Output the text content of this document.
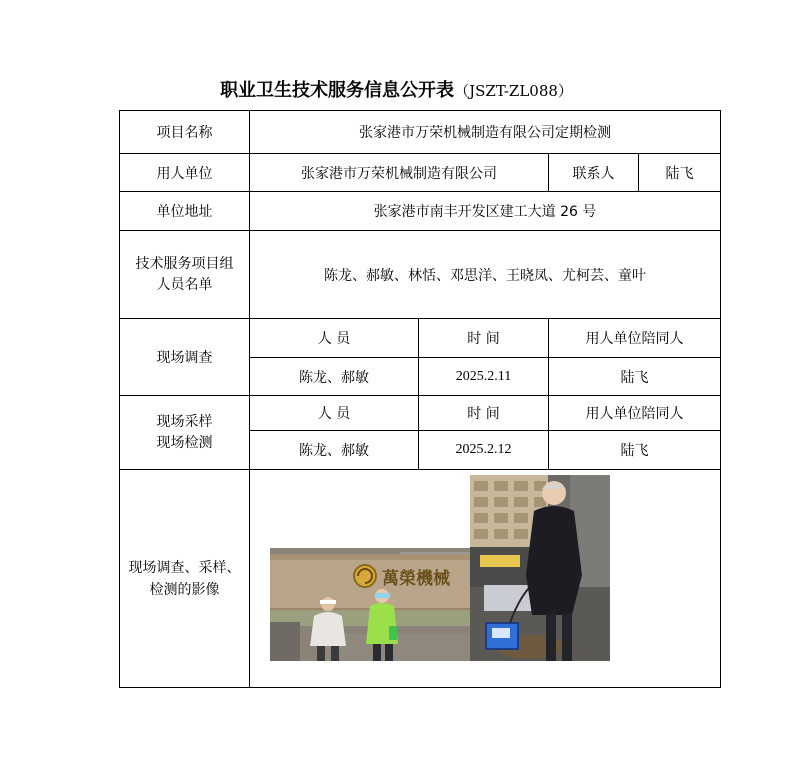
职业卫生技术服务信息公开表（JSZT-ZL088）
项目名称	张家港市万荣机械制造有限公司定期检测			
用人单位	张家港市万荣机械制造有限公司		联系人	陆飞
单位地址	张家港市南丰开发区建工大道 26 号			
技术服务项目组人员名单	陈龙、郝敏、林恬、邓思洋、王晓凤、尤柯芸、童叶			
现场调查	人 员	时 间	用人单位陪同人	
	陈龙、郝敏	2025.2.11	陆飞	

现场采样
现场检测	人 员	时 间	用人单位陪同人	
	陈龙、郝敏	2025.2.12	陆飞	
现场调查、采样、检测的影像	萬榮機械			
